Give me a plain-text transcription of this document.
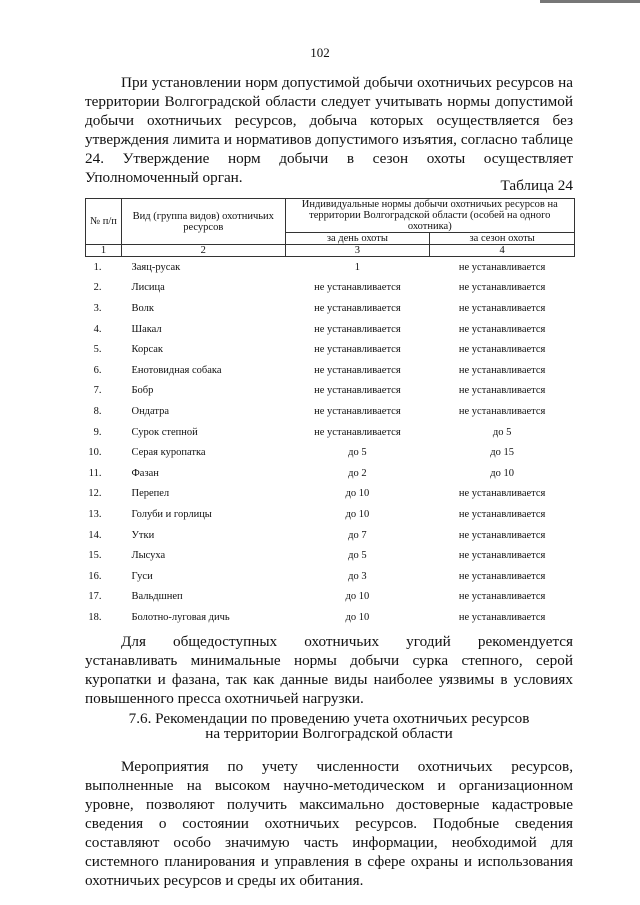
102

При установлении норм допустимой добычи охотничьих ресурсов на территории Волгоградской области следует учитывать нормы допустимой добычи охотничьих ресурсов, добыча которых осуществляется без утверждения лимита и нормативов допустимого изъятия, согласно таблице 24. Утверждение норм добычи в сезон охоты осуществляет Уполномоченный орган.	Таблица 24
№ п/п	Вид (группа видов) охотничьих ресурсов	Индивидуальные нормы добычи охотничьих ресурсов на территории Волгоградской области (особей на одного охотника)	
		за день охоты	за сезон охоты
1	2	3	4
1.	Заяц-русак	1	не устанавливается
2.	Лисица	не устанавливается	не устанавливается
3.	Волк	не устанавливается	не устанавливается
4.	Шакал	не устанавливается	не устанавливается
5.	Корсак	не устанавливается	не устанавливается
6.	Енотовидная собака	не устанавливается	не устанавливается
7.	Бобр	не устанавливается	не устанавливается
8.	Ондатра	не устанавливается	не устанавливается
9.	Сурок степной	не устанавливается	до 5
10.	Серая куропатка	до 5	до 15
11.	Фазан	до 2	до 10
12.	Перепел	до 10	не устанавливается
13.	Голуби и горлицы	до 10	не устанавливается
14.	Утки	до 7	не устанавливается
15.	Лысуха	до 5	не устанавливается
16.	Гуси	до 3	не устанавливается
17.	Вальдшнеп	до 10	не устанавливается
18.	Болотно-луговая дичь	до 10	не устанавливается

Для общедоступных охотничьих угодий рекомендуется устанавливать минимальные нормы добычи сурка степного, серой куропатки и фазана, так как данные виды наиболее уязвимы в условиях повышенного пресса охотничьей нагрузки.

7.6. Рекомендации по проведению учета охотничьих ресурсов
на территории Волгоградской области

Мероприятия по учету численности охотничьих ресурсов, выполненные на высоком научно-методическом и организационном уровне, позволяют получить максимально достоверные кадастровые сведения о состоянии охотничьих ресурсов. Подобные сведения составляют особо значимую часть информации, необходимой для системного планирования и управления в сфере охраны и использования охотничьих ресурсов и среды их обитания.
